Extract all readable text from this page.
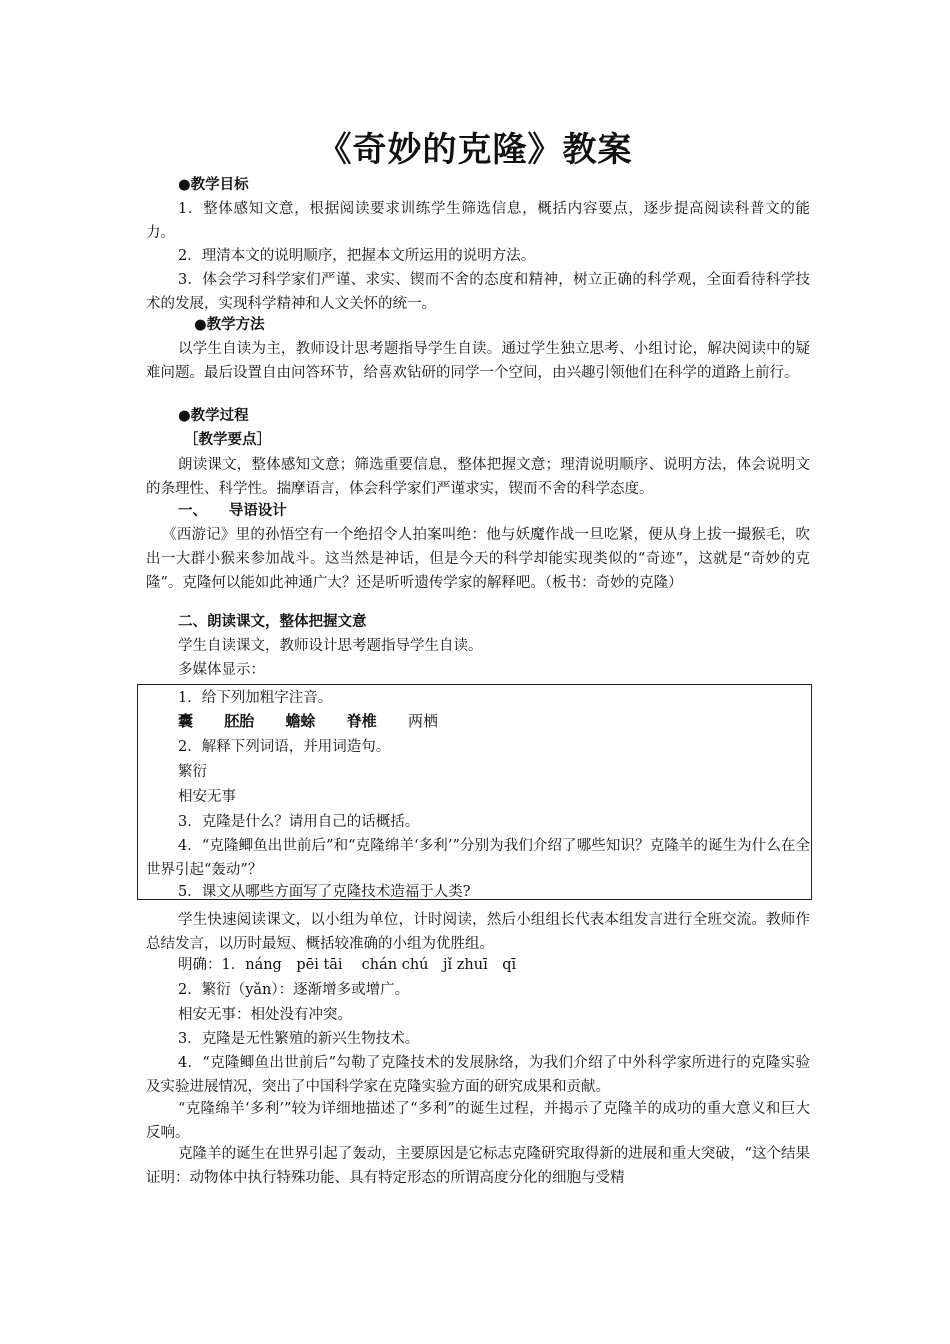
《奇妙的克隆》教案
●教学目标

1．整体感知文意，根据阅读要求训练学生筛选信息，概括内容要点，逐步提高阅读科普文的能力。

2．理清本文的说明顺序，把握本文所运用的说明方法。

3．体会学习科学家们严谨、求实、锲而不舍的态度和精神，树立正确的科学观，全面看待科学技术的发展，实现科学精神和人文关怀的统一。

●教学方法

以学生自读为主，教师设计思考题指导学生自读。通过学生独立思考、小组讨论，解决阅读中的疑难问题。最后设置自由问答环节，给喜欢钻研的同学一个空间，由兴趣引领他们在科学的道路上前行。

●教学过程
［教学要点］

朗读课文，整体感知文意；筛选重要信息，整体把握文意；理清说明顺序、说明方法，体会说明文的条理性、科学性。揣摩语言，体会科学家们严谨求实，锲而不舍的科学态度。

一、　　导语设计

《西游记》里的孙悟空有一个绝招令人拍案叫绝：他与妖魔作战一旦吃紧，便从身上拔一撮猴毛，吹出一大群小猴来参加战斗。这当然是神话，但是今天的科学却能实现类似的“奇迹”，这就是“奇妙的克隆”。克隆何以能如此神通广大？还是听听遗传学家的解释吧。（板书：奇妙的克隆）

二、朗读课文，整体把握文意
学生自读课文，教师设计思考题指导学生自读。
多媒体显示：
1．给下列加粗字注音。
囊 胚胎 蟾蜍 脊椎 两栖
2．解释下列词语，并用词造句。
繁衍
相安无事
3．克隆是什么？请用自己的话概括。

4．“克隆鲫鱼出世前后”和“克隆绵羊‘多利’”分别为我们介绍了哪些知识？克隆羊的诞生为什么在全世界引起“轰动”？

5．课文从哪些方面写了克隆技术造福于人类?

学生快速阅读课文，以小组为单位，计时阅读，然后小组组长代表本组发言进行全班交流。教师作总结发言，以历时最短、概括较准确的小组为优胜组。

明确：1．náng　pēi tāi　 chán chú　jǐ zhuī　qī
2．繁衍（yǎn）：逐渐增多或增广。
相安无事：相处没有冲突。
3．克隆是无性繁殖的新兴生物技术。

4．“克隆鲫鱼出世前后”勾勒了克隆技术的发展脉络，为我们介绍了中外科学家所进行的克隆实验及实验进展情况，突出了中国科学家在克隆实验方面的研究成果和贡献。

“克隆绵羊‘多利’”较为详细地描述了“多利”的诞生过程，并揭示了克隆羊的成功的重大意义和巨大反响。

克隆羊的诞生在世界引起了轰动，主要原因是它标志克隆研究取得新的进展和重大突破，“这个结果证明：动物体中执行特殊功能、具有特定形态的所谓高度分化的细胞与受精
